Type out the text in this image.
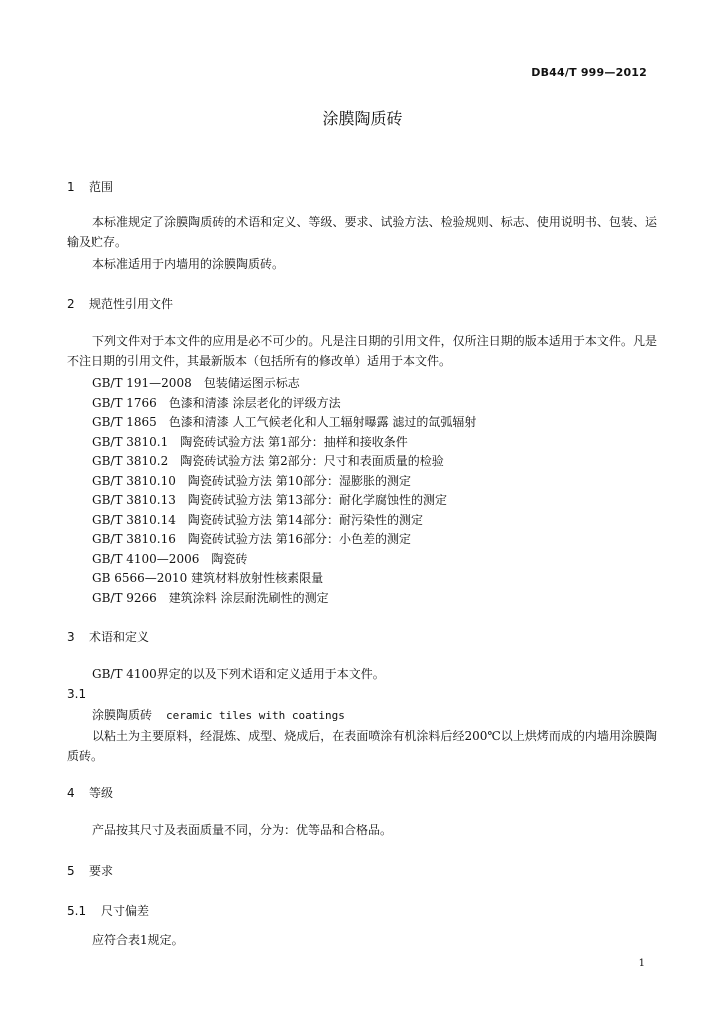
DB44/T 999—2012
涂膜陶质砖
1 范围

本标准规定了涂膜陶质砖的术语和定义、等级、要求、试验方法、检验规则、标志、使用说明书、包装、运输及贮存。

本标准适用于内墙用的涂膜陶质砖。

2 规范性引用文件

下列文件对于本文件的应用是必不可少的。凡是注日期的引用文件，仅所注日期的版本适用于本文件。凡是不注日期的引用文件，其最新版本（包括所有的修改单）适用于本文件。

GB/T 191—2008　包装储运图示标志
GB/T 1766　色漆和清漆 涂层老化的评级方法
GB/T 1865　色漆和清漆 人工气候老化和人工辐射曝露 滤过的氙弧辐射
GB/T 3810.1　陶瓷砖试验方法 第1部分：抽样和接收条件
GB/T 3810.2　陶瓷砖试验方法 第2部分：尺寸和表面质量的检验
GB/T 3810.10　陶瓷砖试验方法 第10部分：湿膨胀的测定
GB/T 3810.13　陶瓷砖试验方法 第13部分：耐化学腐蚀性的测定
GB/T 3810.14　陶瓷砖试验方法 第14部分：耐污染性的测定
GB/T 3810.16　陶瓷砖试验方法 第16部分：小色差的测定
GB/T 4100—2006　陶瓷砖
GB 6566—2010 建筑材料放射性核素限量
GB/T 9266　建筑涂料 涂层耐洗刷性的测定
3 术语和定义

GB/T 4100界定的以及下列术语和定义适用于本文件。

3.1
涂膜陶质砖 ceramic tiles with coatings

以粘土为主要原料，经混炼、成型、烧成后，在表面喷涂有机涂料后经200℃以上烘烤而成的内墙用涂膜陶质砖。

4 等级

产品按其尺寸及表面质量不同，分为：优等品和合格品。

5 要求
5.1 尺寸偏差

应符合表1规定。

1
